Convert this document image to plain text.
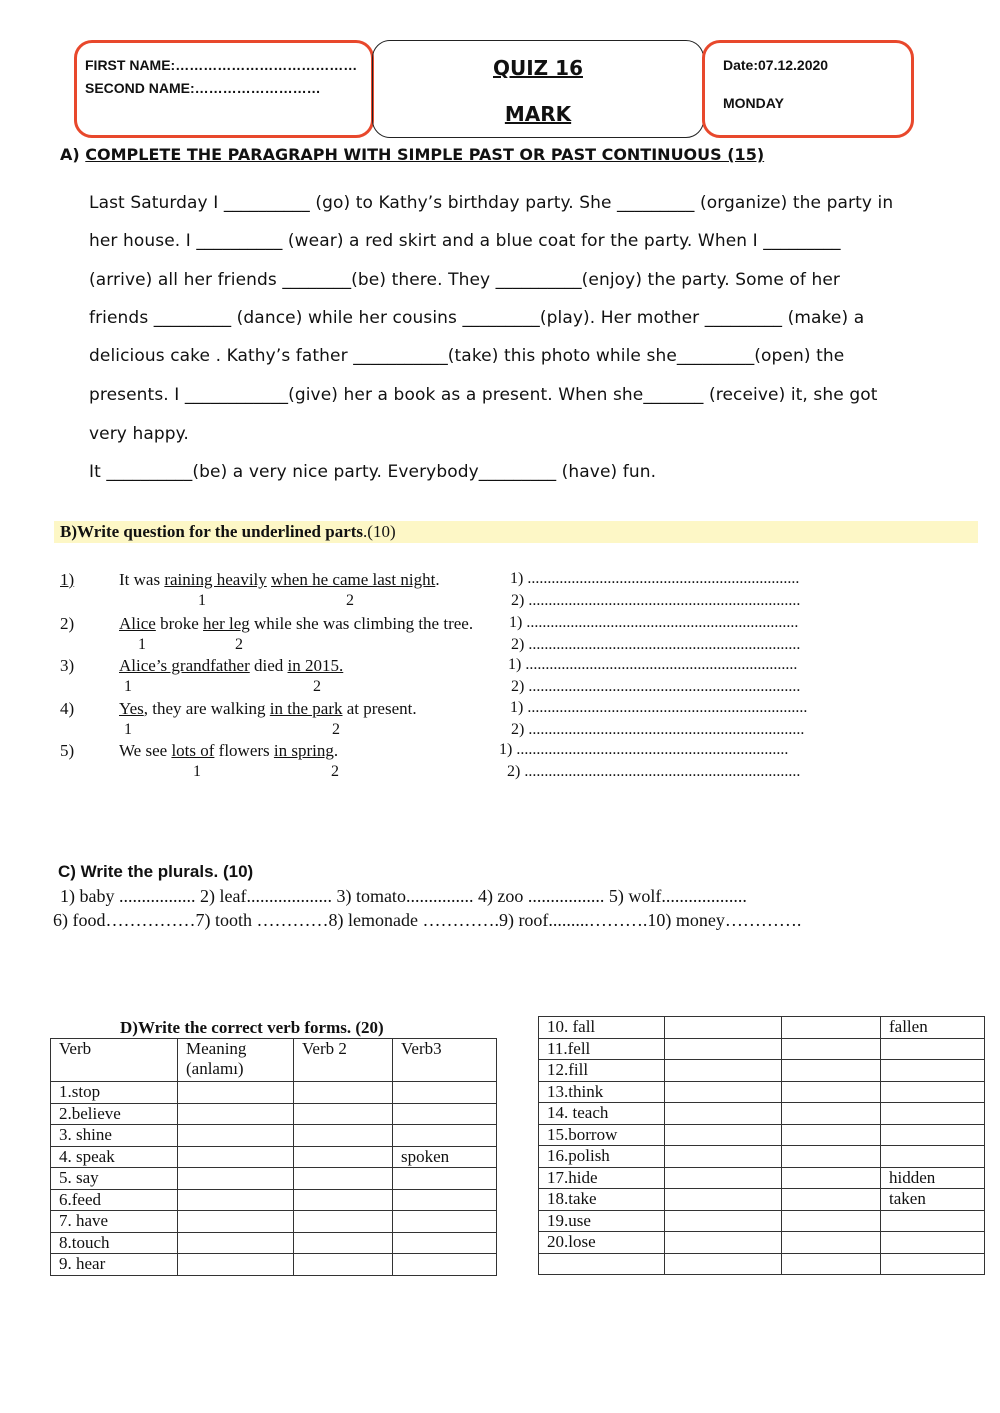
FIRST NAME:…………………………………
SECOND NAME:………………………
QUIZ 16
MARK
Date:07.12.2020
MONDAY
A) COMPLETE THE PARAGRAPH WITH SIMPLE PAST OR PAST CONTINUOUS (15)
Last Saturday I __________ (go) to Kathy’s birthday party. She _________ (organize) the party in
her house. I __________ (wear) a red skirt and a blue coat for the party. When I _________
(arrive) all her friends ________(be) there. They __________(enjoy) the party. Some of her
friends _________ (dance) while her cousins _________(play). Her mother _________ (make) a
delicious cake . Kathy’s father ___________(take) this photo while she_________(open) the
presents. I ____________(give) her a book as a present. When she_______ (receive) it, she got
very happy.
It __________(be) a very nice party. Everybody_________ (have) fun.
B)Write question for the underlined parts.(10)
1)	It was raining heavily when he came last night.
1	2
1) ....................................................................
2) ....................................................................
2)	Alice broke her leg while she was climbing the tree.
1	2
1) ....................................................................
2) ....................................................................
3)	Alice’s grandfather died in 2015.
1	2
1) ....................................................................
2) ....................................................................
4)	Yes, they are walking in the park at present.
1	2
1) ......................................................................
2) .....................................................................
5)	We see lots of flowers in spring.
1	2
1) ....................................................................
2) .....................................................................
C) Write the plurals. (10)
1) baby ................. 2) leaf................... 3) tomato............... 4) zoo ................. 5) wolf...................
6) food……………7) tooth …………8) lemonade ………….9) roof.........……….10) money………….
D)Write the correct verb forms. (20)
Verb	Meaning
(anlamı)	Verb 2	Verb3
1.stop			
2.believe			
3. shine			
4. speak			spoken
5. say			
6.feed			
7. have			
8.touch			
9. hear			
10. fall			fallen
11.fell			
12.fill			
13.think			
14. teach			
15.borrow			
16.polish			
17.hide			hidden
18.take			taken
19.use			
20.lose			
